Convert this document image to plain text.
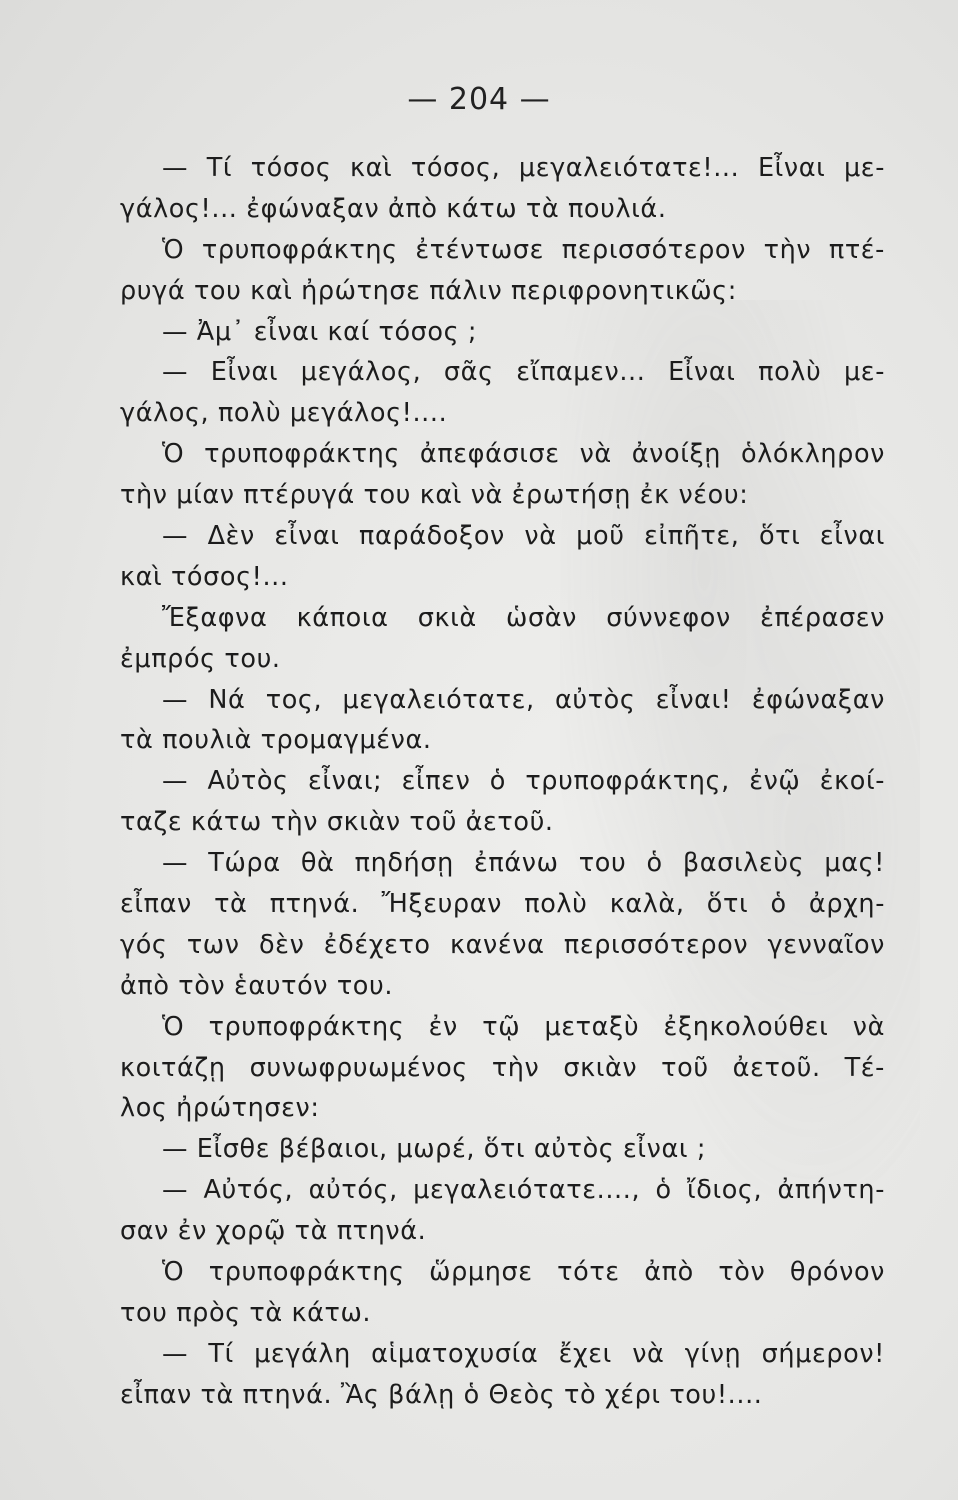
— 204 —
— Τί τόσος καὶ τόσος, μεγαλειότατε!... Εἶναι με-
γάλος!... ἐφώναξαν ἀπὸ κάτω τὰ πουλιά.
Ὁ τρυποφράκτης ἐτέντωσε περισσότερον τὴν πτέ-
ρυγά του καὶ ἠρώτησε πάλιν περιφρονητικῶς:
— Ἀμ᾽ εἶναι καί τόσος ;
— Εἶναι μεγάλος, σᾶς εἴπαμεν... Εἶναι πολὺ με-
γάλος, πολὺ μεγάλος!....
Ὁ τρυποφράκτης ἀπεφάσισε νὰ ἀνοίξῃ ὁλόκληρον
τὴν μίαν πτέρυγά του καὶ νὰ ἐρωτήσῃ ἐκ νέου:
— Δὲν εἶναι παράδοξον νὰ μοῦ εἰπῆτε, ὅτι εἶναι
καὶ τόσος!...
Ἔξαφνα κάποια σκιὰ ὡσὰν σύννεφον ἐπέρασεν
ἐμπρός του.
— Νά τος, μεγαλειότατε, αὐτὸς εἶναι! ἐφώναξαν
τὰ πουλιὰ τρομαγμένα.
— Αὐτὸς εἶναι; εἶπεν ὁ τρυποφράκτης, ἐνῷ ἐκοί-
ταζε κάτω τὴν σκιὰν τοῦ ἀετοῦ.
— Τώρα θὰ πηδήσῃ ἐπάνω του ὁ βασιλεὺς μας!
εἶπαν τὰ πτηνά. Ἤξευραν πολὺ καλὰ, ὅτι ὁ ἀρχη-
γός των δὲν ἐδέχετο κανένα περισσότερον γενναῖον
ἀπὸ τὸν ἑαυτόν του.
Ὁ τρυποφράκτης ἐν τῷ μεταξὺ ἐξηκολούθει νὰ
κοιτάζῃ συνωφρυωμένος τὴν σκιὰν τοῦ ἀετοῦ. Τέ-
λος ἠρώτησεν:
— Εἶσθε βέβαιοι, μωρέ, ὅτι αὐτὸς εἶναι ;
— Αὐτός, αὐτός, μεγαλειότατε...., ὁ ἴδιος, ἀπήντη-
σαν ἐν χορῷ τὰ πτηνά.
Ὁ τρυποφράκτης ὥρμησε τότε ἀπὸ τὸν θρόνον
του πρὸς τὰ κάτω.
— Τί μεγάλη αἱματοχυσία ἔχει νὰ γίνῃ σήμερον!
εἶπαν τὰ πτηνά. Ἂς βάλῃ ὁ Θεὸς τὸ χέρι του!....
